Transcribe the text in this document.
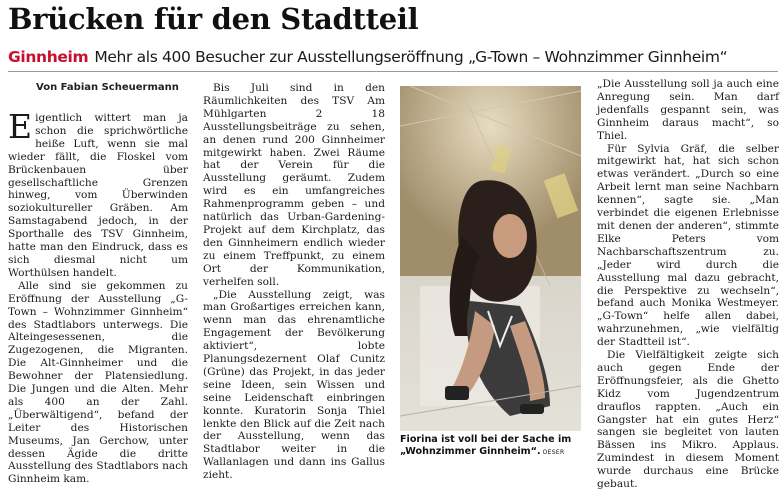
Brücken für den Stadtteil
Ginnheim Mehr als 400 Besucher zur Ausstellungseröffnung „G-Town – Wohnzimmer Ginnheim“
Von Fabian Scheuermann

Eigentlich wittert man ja schon die sprichwörtliche heiße Luft, wenn sie mal wieder fällt, die Floskel vom Brückenbauen über gesellschaftliche Grenzen hinweg, vom Überwinden soziokultureller Gräben. Am Samstagabend jedoch, in der Sporthalle des TSV Ginnheim, hatte man den Eindruck, dass es sich diesmal nicht um Worthülsen handelt.

Alle sind sie gekommen zu Eröffnung der Ausstellung „G-Town – Wohnzimmer Ginnheim“ des Stadtlabors unterwegs. Die Alteingesessenen, die Zugezogenen, die Migranten. Die Alt-Ginnheimer und die Bewohner der Platensiedlung. Die Jungen und die Alten. Mehr als 400 an der Zahl. „Überwältigend“, befand der Leiter des Historischen Museums, Jan Gerchow, unter dessen Ägide die dritte Ausstellung des Stadtlabors nach Ginnheim kam.

Bis Juli sind in den Räumlichkeiten des TSV Am Mühlgarten 2 18 Ausstellungsbeiträge zu sehen, an denen rund 200 Ginnheimer mitgewirkt haben. Zwei Räume hat der Verein für die Ausstellung geräumt. Zudem wird es ein umfangreiches Rahmenprogramm geben – und natürlich das Urban-Gardening-Projekt auf dem Kirchplatz, das den Ginnheimern endlich wieder zu einem Treffpunkt, zu einem Ort der Kommunikation, verhelfen soll.

„Die Ausstellung zeigt, was man Großartiges erreichen kann, wenn man das ehrenamtliche Engagement der Bevölkerung aktiviert“, lobte Planungsdezernent Olaf Cunitz (Grüne) das Projekt, in das jeder seine Ideen, sein Wissen und seine Leidenschaft einbringen konnte. Kuratorin Sonja Thiel lenkte den Blick auf die Zeit nach der Ausstellung, wenn das Stadtlabor weiter in die Wallanlagen und dann ins Gallus zieht.

Fiorina ist voll bei der Sache im „Wohnzimmer Ginnheim“. OESER

„Die Ausstellung soll ja auch eine Anregung sein. Man darf jedenfalls gespannt sein, was Ginnheim daraus macht“, so Thiel.

Für Sylvia Gräf, die selber mitgewirkt hat, hat sich schon etwas verändert. „Durch so eine Arbeit lernt man seine Nachbarn kennen“, sagte sie. „Man verbindet die eigenen Erlebnisse mit denen der anderen“, stimmte Elke Peters vom Nachbarschaftszentrum zu. „Jeder wird durch die Ausstellung mal dazu gebracht, die Perspektive zu wechseln“, befand auch Monika Westmeyer. „G-Town“ helfe allen dabei, wahrzunehmen, „wie vielfältig der Stadtteil ist“.

Die Vielfältigkeit zeigte sich auch gegen Ende der Eröffnungsfeier, als die Ghetto Kidz vom Jugendzentrum drauflos rappten. „Auch ein Gangster hat ein gutes Herz“ sangen sie begleitet von lauten Bässen ins Mikro. Applaus. Zumindest in diesem Moment wurde durchaus eine Brücke gebaut.
